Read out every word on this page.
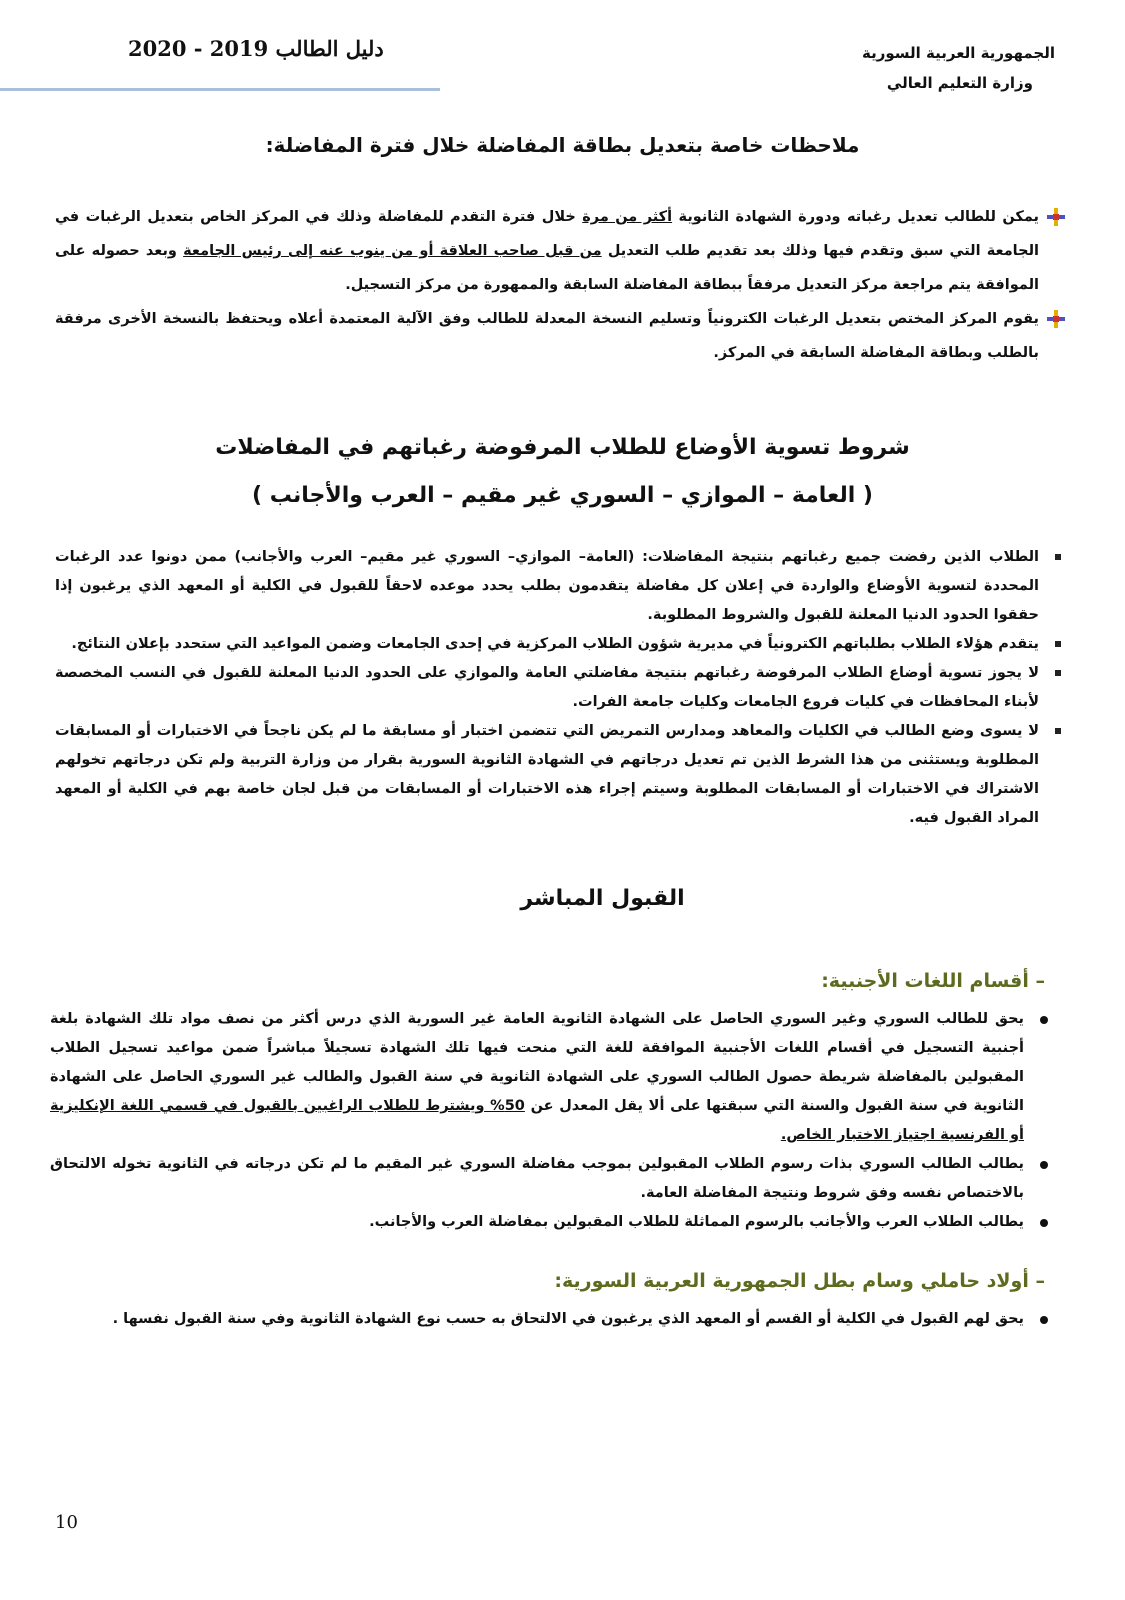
الجمهورية العربية السورية
وزارة التعليم العالي
دليل الطالب 2019 - 2020
ملاحظات خاصة بتعديل بطاقة المفاضلة خلال فترة المفاضلة:

يمكن للطالب تعديل رغباته ودورة الشهادة الثانوية أكثر من مرة خلال فترة التقدم للمفاضلة وذلك في المركز الخاص بتعديل الرغبات في الجامعة التي سبق وتقدم فيها وذلك بعد تقديم طلب التعديل من قبل صاحب العلاقة أو من ينوب عنه إلى رئيس الجامعة وبعد حصوله على الموافقة يتم مراجعة مركز التعديل مرفقاً ببطاقة المفاضلة السابقة والممهورة من مركز التسجيل.

يقوم المركز المختص بتعديل الرغبات الكترونياً وتسليم النسخة المعدلة للطالب وفق الآلية المعتمدة أعلاه ويحتفظ بالنسخة الأخرى مرفقة بالطلب وبطاقة المفاضلة السابقة في المركز.

شروط تسوية الأوضاع للطلاب المرفوضة رغباتهم في المفاضلات
( العامة – الموازي – السوري غير مقيم – العرب والأجانب )

الطلاب الذين رفضت جميع رغباتهم بنتيجة المفاضلات: (العامة– الموازي– السوري غير مقيم– العرب والأجانب) ممن دونوا عدد الرغبات المحددة لتسوية الأوضاع والواردة في إعلان كل مفاضلة يتقدمون بطلب يحدد موعده لاحقاً للقبول في الكلية أو المعهد الذي يرغبون إذا حققوا الحدود الدنيا المعلنة للقبول والشروط المطلوبة.

يتقدم هؤلاء الطلاب بطلباتهم الكترونياً في مديرية شؤون الطلاب المركزية في إحدى الجامعات وضمن المواعيد التي ستحدد بإعلان النتائج.

لا يجوز تسوية أوضاع الطلاب المرفوضة رغباتهم بنتيجة مفاضلتي العامة والموازي على الحدود الدنيا المعلنة للقبول في النسب المخصصة لأبناء المحافظات في كليات فروع الجامعات وكليات جامعة الفرات.

لا يسوى وضع الطالب في الكليات والمعاهد ومدارس التمريض التي تتضمن اختبار أو مسابقة ما لم يكن ناجحاً في الاختبارات أو المسابقات المطلوبة ويستثنى من هذا الشرط الذين تم تعديل درجاتهم في الشهادة الثانوية السورية بقرار من وزارة التربية ولم تكن درجاتهم تخولهم الاشتراك في الاختبارات أو المسابقات المطلوبة وسيتم إجراء هذه الاختبارات أو المسابقات من قبل لجان خاصة بهم في الكلية أو المعهد المراد القبول فيه.

القبول المباشر
– أقسام اللغات الأجنبية:

يحق للطالب السوري وغير السوري الحاصل على الشهادة الثانوية العامة غير السورية الذي درس أكثر من نصف مواد تلك الشهادة بلغة أجنبية التسجيل في أقسام اللغات الأجنبية الموافقة للغة التي منحت فيها تلك الشهادة تسجيلاً مباشراً ضمن مواعيد تسجيل الطلاب المقبولين بالمفاضلة شريطة حصول الطالب السوري على الشهادة الثانوية في سنة القبول والطالب غير السوري الحاصل على الشهادة الثانوية في سنة القبول والسنة التي سبقتها على ألا يقل المعدل عن 50% ويشترط للطلاب الراغبين بالقبول في قسمي اللغة الإنكليزية أو الفرنسية اجتياز الاختبار الخاص.

يطالب الطالب السوري بذات رسوم الطلاب المقبولين بموجب مفاضلة السوري غير المقيم ما لم تكن درجاته في الثانوية تخوله الالتحاق بالاختصاص نفسه وفق شروط ونتيجة المفاضلة العامة.

يطالب الطلاب العرب والأجانب بالرسوم المماثلة للطلاب المقبولين بمفاضلة العرب والأجانب.

– أولاد حاملي وسام بطل الجمهورية العربية السورية:

يحق لهم القبول في الكلية أو القسم أو المعهد الذي يرغبون في الالتحاق به حسب نوع الشهادة الثانوية وفي سنة القبول نفسها .

10
